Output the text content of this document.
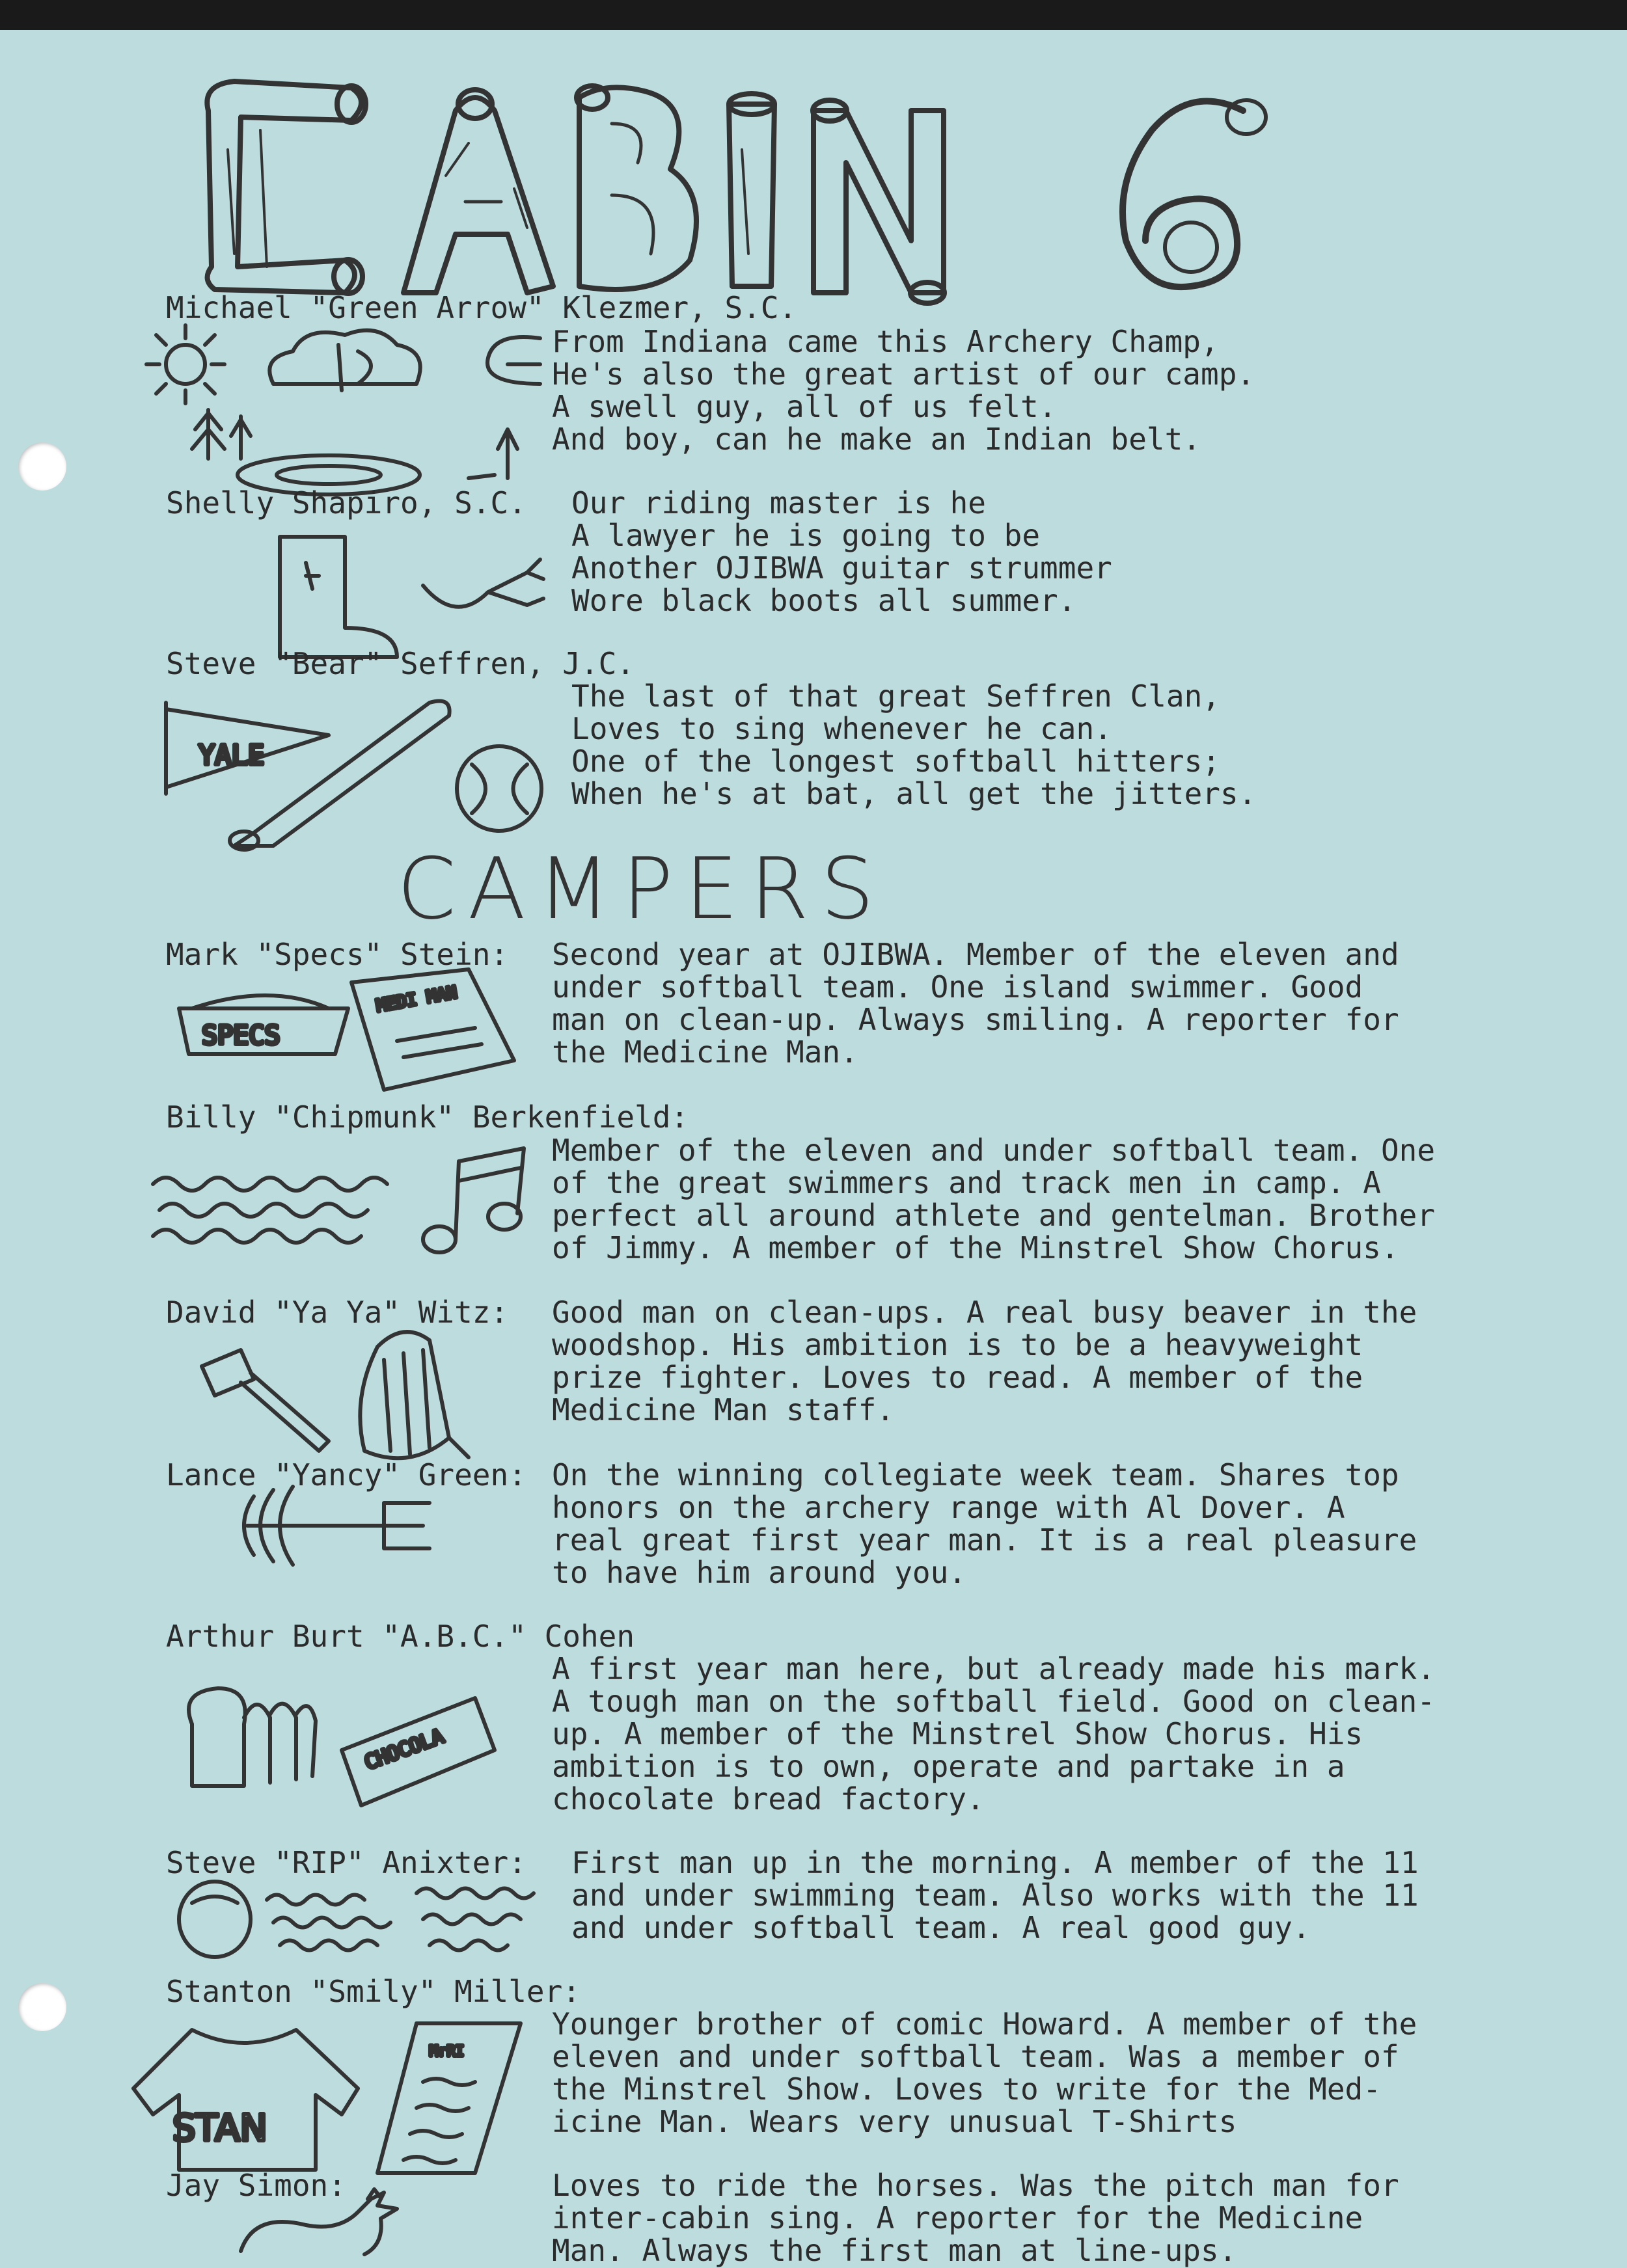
Michael "Green Arrow" Klezmer, S.C.
From Indiana came this Archery Champ,
He's also the great artist of our camp.
A swell guy, all of us felt.
And boy, can he make an Indian belt.
Shelly Shapiro, S.C. Our riding master is he
A lawyer he is going to be
Another OJIBWA guitar strummer
Wore black boots all summer.
Steve "Bear" Seffren, J.C.
The last of that great Seffren Clan,
Loves to sing whenever he can.
One of the longest softball hitters;
When he's at bat, all get the jitters.
YALE
CAMPERS
Mark "Specs" Stein: Second year at OJIBWA. Member of the eleven and
under softball team. One island swimmer. Good
man on clean-up. Always smiling. A reporter for
the Medicine Man.
SPECS
MEDI MAN
Billy "Chipmunk" Berkenfield:
Member of the eleven and under softball team. One
of the great swimmers and track men in camp. A
perfect all around athlete and gentelman. Brother
of Jimmy. A member of the Minstrel Show Chorus.
David "Ya Ya" Witz: Good man on clean-ups. A real busy beaver in the
woodshop. His ambition is to be a heavyweight
prize fighter. Loves to read. A member of the
Medicine Man staff.
Lance "Yancy" Green: On the winning collegiate week team. Shares top
honors on the archery range with Al Dover. A
real great first year man. It is a real pleasure
to have him around you.
Arthur Burt "A.B.C." Cohen
A first year man here, but already made his mark.
A tough man on the softball field. Good on clean-
up. A member of the Minstrel Show Chorus. His
ambition is to own, operate and partake in a
chocolate bread factory.
CHOCOLA
Steve "RIP" Anixter: First man up in the morning. A member of the 11
and under swimming team. Also works with the 11
and under softball team. A real good guy.
Stanton "Smily" Miller:
Younger brother of comic Howard. A member of the
eleven and under softball team. Was a member of
the Minstrel Show. Loves to write for the Med-
icine Man. Wears very unusual T-Shirts
STAN
MrRI
Jay Simon:	Loves to ride the horses. Was the pitch man for
inter-cabin sing. A reporter for the Medicine
Man. Always the first man at line-ups.
